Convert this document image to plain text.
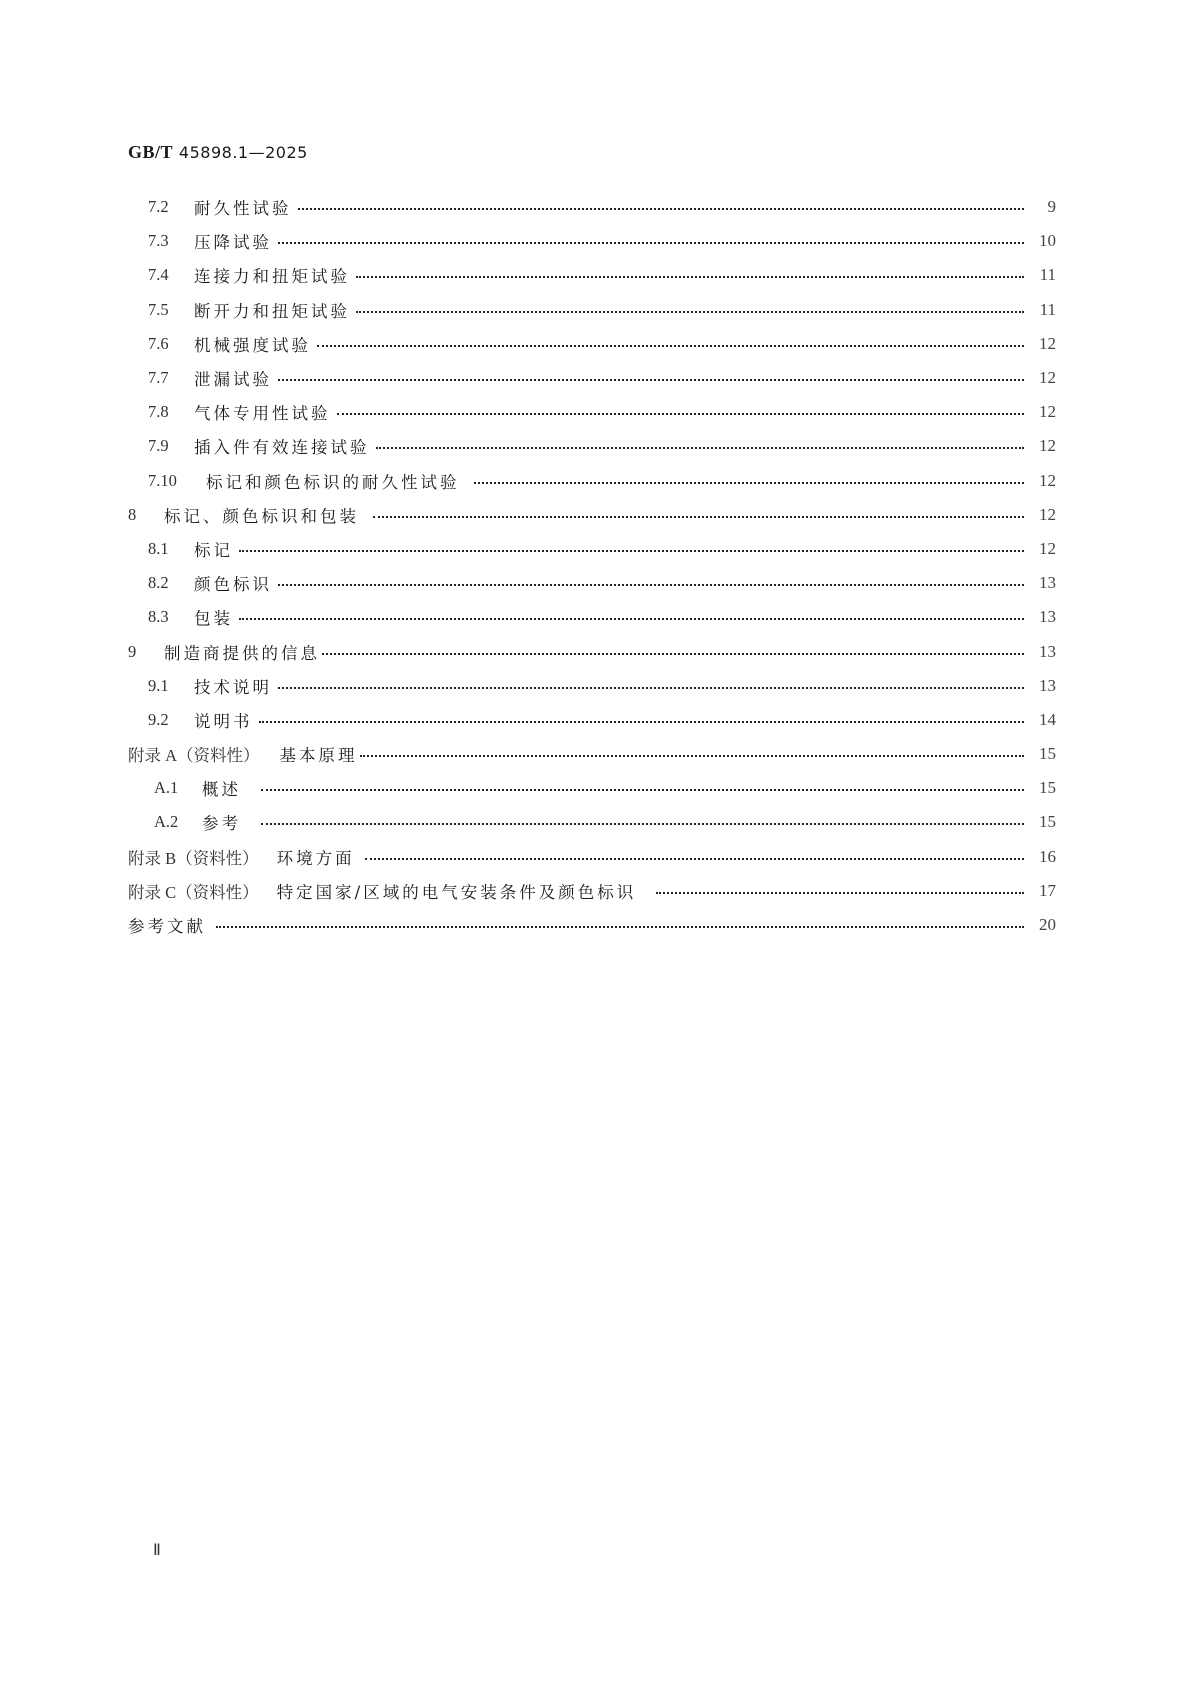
GB/T 45898.1—2025
7.2	耐久性试验	9
7.3	压降试验	10
7.4	连接力和扭矩试验	11
7.5	断开力和扭矩试验	11
7.6	机械强度试验	12
7.7	泄漏试验	12
7.8	气体专用性试验	12
7.9	插入件有效连接试验	12
7.10	标记和颜色标识的耐久性试验	12
8	标记、颜色标识和包装	12
8.1	标记	12
8.2	颜色标识	13
8.3	包装	13
9	制造商提供的信息	13
9.1	技术说明	13
9.2	说明书	14
附录 A（资料性） 基本原理	15
A.1	概述	15
A.2	参考	15
附录 B（资料性） 环境方面	16
附录 C（资料性） 特定国家/区域的电气安装条件及颜色标识	17
参考文献	20
Ⅱ
